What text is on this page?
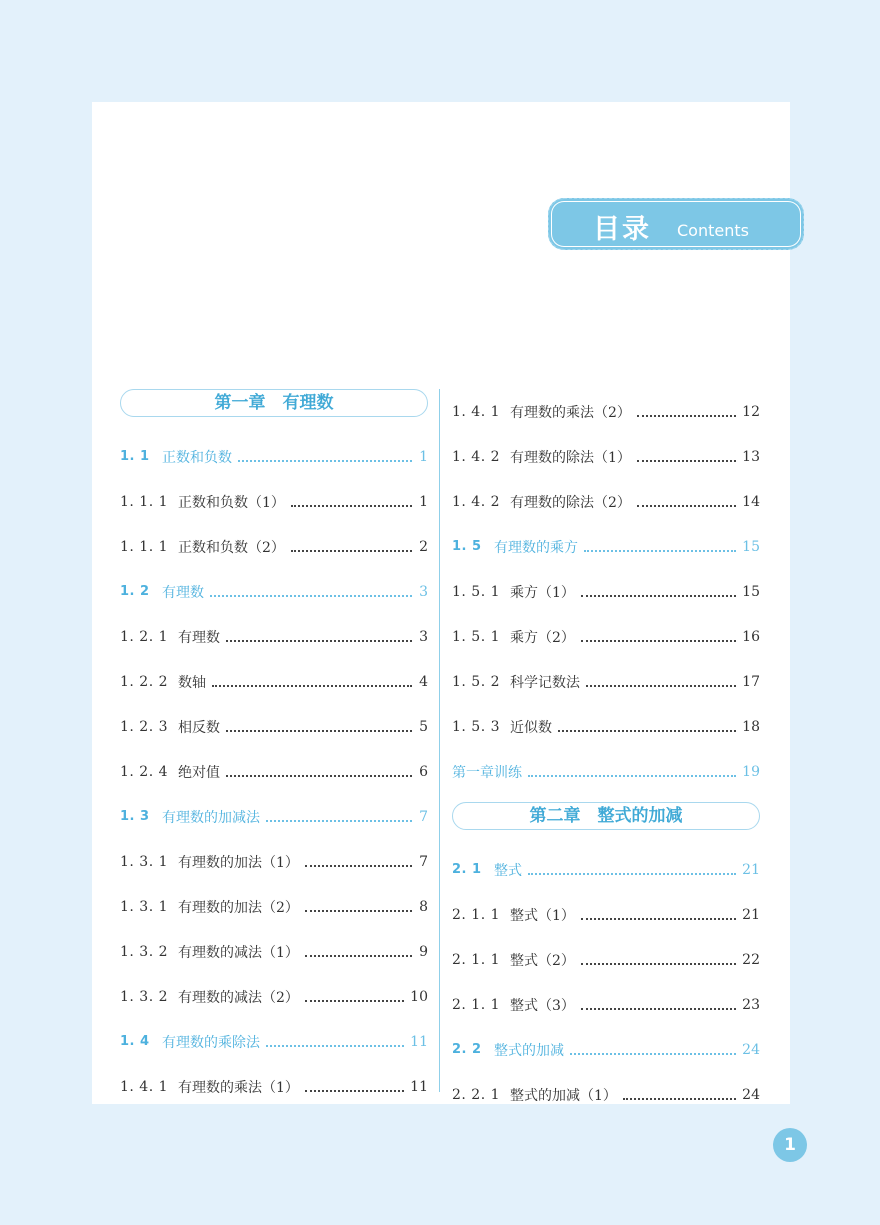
目录 Contents
第一章　有理数
1. 1 正数和负数	1
1. 1. 1 正数和负数（1）	1
1. 1. 1 正数和负数（2）	2
1. 2 有理数	3
1. 2. 1 有理数	3
1. 2. 2 数轴	4
1. 2. 3 相反数	5
1. 2. 4 绝对值	6
1. 3 有理数的加减法	7
1. 3. 1 有理数的加法（1）	7
1. 3. 1 有理数的加法（2）	8
1. 3. 2 有理数的减法（1）	9
1. 3. 2 有理数的减法（2）	10
1. 4 有理数的乘除法	11
1. 4. 1 有理数的乘法（1）	11
1. 4. 1 有理数的乘法（2）	12
1. 4. 2 有理数的除法（1）	13
1. 4. 2 有理数的除法（2）	14
1. 5 有理数的乘方	15
1. 5. 1 乘方（1）	15
1. 5. 1 乘方（2）	16
1. 5. 2 科学记数法	17
1. 5. 3 近似数	18
第一章训练	19
第二章　整式的加减
2. 1 整式	21
2. 1. 1 整式（1）	21
2. 1. 1 整式（2）	22
2. 1. 1 整式（3）	23
2. 2 整式的加减	24
2. 2. 1 整式的加减（1）	24
1
